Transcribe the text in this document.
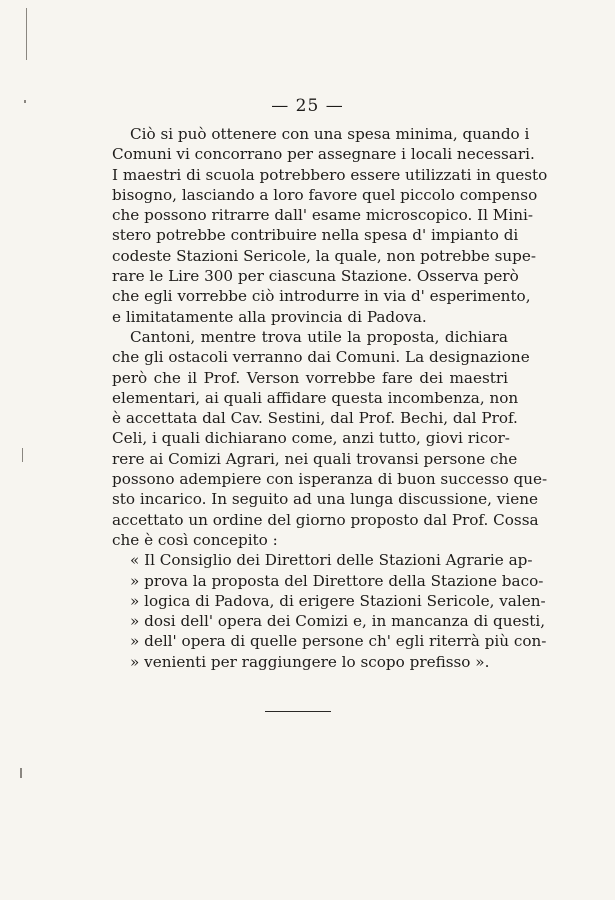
— 25 —
Ciò si può ottenere con una spesa minima, quando i
Comuni vi concorrano per assegnare i locali necessari.
I maestri di scuola potrebbero essere utilizzati in questo
bisogno, lasciando a loro favore quel piccolo compenso
che possono ritrarre dall' esame microscopico. Il Mini-
stero potrebbe contribuire nella spesa d' impianto di
codeste Stazioni Sericole, la quale, non potrebbe supe-
rare le Lire 300 per ciascuna Stazione. Osserva però
che egli vorrebbe ciò introdurre in via d' esperimento,
e limitatamente alla provincia di Padova.
Cantoni, mentre trova utile la proposta, dichiara
che gli ostacoli verranno dai Comuni. La designazione
però che il Prof. Verson vorrebbe fare dei maestri
elementari, ai quali affidare questa incombenza, non
è accettata dal Cav. Sestini, dal Prof. Bechi, dal Prof.
Celi, i quali dichiarano come, anzi tutto, giovi ricor-
rere ai Comizi Agrari, nei quali trovansi persone che
possono adempiere con isperanza di buon successo que-
sto incarico. In seguito ad una lunga discussione, viene
accettato un ordine del giorno proposto dal Prof. Cossa
che è così concepito :
« Il Consiglio dei Direttori delle Stazioni Agrarie ap-
» prova la proposta del Direttore della Stazione baco-
» logica di Padova, di erigere Stazioni Sericole, valen-
» dosi dell' opera dei Comizi e, in mancanza di questi,
» dell' opera di quelle persone ch' egli riterrà più con-
» venienti per raggiungere lo scopo prefisso ».
